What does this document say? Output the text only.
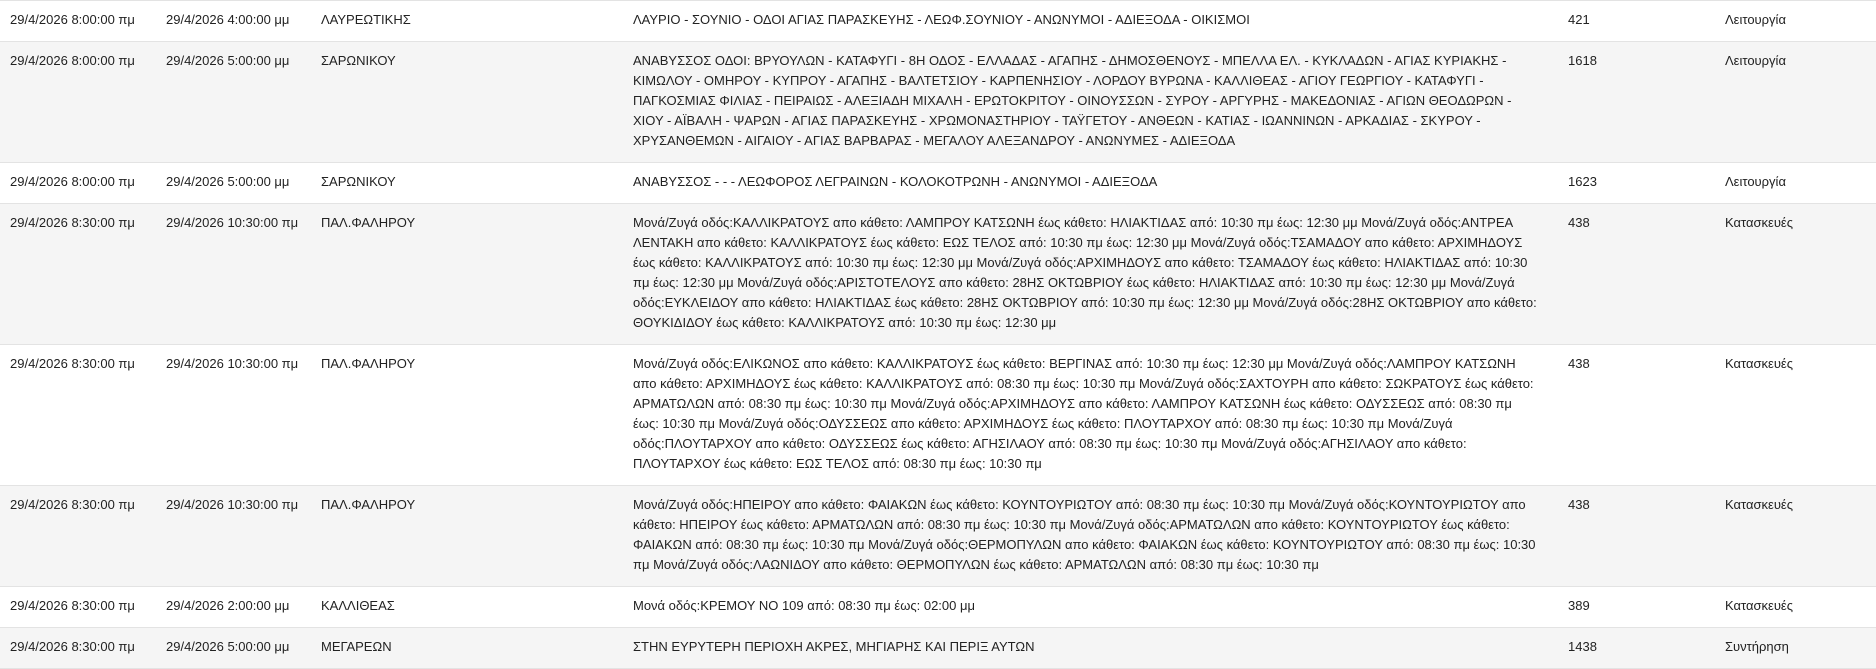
29/4/2026 8:00:00 πμ	29/4/2026 4:00:00 μμ	ΛΑΥΡΕΩΤΙΚΗΣ	ΛΑΥΡΙΟ - ΣΟΥΝΙΟ - ΟΔΟΙ ΑΓΙΑΣ ΠΑΡΑΣΚΕΥΗΣ - ΛΕΩΦ.ΣΟΥΝΙΟΥ - ΑΝΩΝΥΜΟΙ - ΑΔΙΕΞΟΔΑ - ΟΙΚΙΣΜΟΙ	421	Λειτουργία
29/4/2026 8:00:00 πμ	29/4/2026 5:00:00 μμ	ΣΑΡΩΝΙΚΟΥ	ΑΝΑΒΥΣΣΟΣ ΟΔΟΙ: ΒΡΥΟΥΛΩΝ - ΚΑΤΑΦΥΓΙ - 8Η ΟΔΟΣ - ΕΛΛΑΔΑΣ - ΑΓΑΠΗΣ - ΔΗΜΟΣΘΕΝΟΥΣ - ΜΠΕΛΛΑ ΕΛ. - ΚΥΚΛΑΔΩΝ - ΑΓΙΑΣ ΚΥΡΙΑΚΗΣ - ΚΙΜΩΛΟΥ - ΟΜΗΡΟΥ - ΚΥΠΡΟΥ - ΑΓΑΠΗΣ - ΒΑΛΤΕΤΣΙΟΥ - ΚΑΡΠΕΝΗΣΙΟΥ - ΛΟΡΔΟΥ ΒΥΡΩΝΑ - ΚΑΛΛΙΘΕΑΣ - ΑΓΙΟΥ ΓΕΩΡΓΙΟΥ - ΚΑΤΑΦΥΓΙ - ΠΑΓΚΟΣΜΙΑΣ ΦΙΛΙΑΣ - ΠΕΙΡΑΙΩΣ - ΑΛΕΞΙΑΔΗ ΜΙΧΑΛΗ - ΕΡΩΤΟΚΡΙΤΟΥ - ΟΙΝΟΥΣΣΩΝ - ΣΥΡΟΥ - ΑΡΓΥΡΗΣ - ΜΑΚΕΔΟΝΙΑΣ - ΑΓΙΩΝ ΘΕΟΔΩΡΩΝ - ΧΙΟΥ - ΑΪΒΑΛΗ - ΨΑΡΩΝ - ΑΓΙΑΣ ΠΑΡΑΣΚΕΥΗΣ - ΧΡΩΜΟΝΑΣΤΗΡΙΟΥ - ΤΑΫΓΕΤΟΥ - ΑΝΘΕΩΝ - ΚΑΤΙΑΣ - ΙΩΑΝΝΙΝΩΝ - ΑΡΚΑΔΙΑΣ - ΣΚΥΡΟΥ - ΧΡΥΣΑΝΘΕΜΩΝ - ΑΙΓΑΙΟΥ - ΑΓΙΑΣ ΒΑΡΒΑΡΑΣ - ΜΕΓΑΛΟΥ ΑΛΕΞΑΝΔΡΟΥ - ΑΝΩΝΥΜΕΣ - ΑΔΙΕΞΟΔΑ	1618	Λειτουργία
29/4/2026 8:00:00 πμ	29/4/2026 5:00:00 μμ	ΣΑΡΩΝΙΚΟΥ	ΑΝΑΒΥΣΣΟΣ - - - ΛΕΩΦΟΡΟΣ ΛΕΓΡΑΙΝΩΝ - ΚΟΛΟΚΟΤΡΩΝΗ - ΑΝΩΝΥΜΟΙ - ΑΔΙΕΞΟΔΑ	1623	Λειτουργία
29/4/2026 8:30:00 πμ	29/4/2026 10:30:00 πμ	ΠΑΛ.ΦΑΛΗΡΟΥ	Μονά/Ζυγά οδός:ΚΑΛΛΙΚΡΑΤΟΥΣ απο κάθετο: ΛΑΜΠΡΟΥ ΚΑΤΣΩΝΗ έως κάθετο: ΗΛΙΑΚΤΙΔΑΣ από: 10:30 πμ έως: 12:30 μμ Μονά/Ζυγά οδός:ΑΝΤΡΕΑ ΛΕΝΤΑΚΗ απο κάθετο: ΚΑΛΛΙΚΡΑΤΟΥΣ έως κάθετο: ΕΩΣ ΤΕΛΟΣ από: 10:30 πμ έως: 12:30 μμ Μονά/Ζυγά οδός:ΤΣΑΜΑΔΟΥ απο κάθετο: ΑΡΧΙΜΗΔΟΥΣ έως κάθετο: ΚΑΛΛΙΚΡΑΤΟΥΣ από: 10:30 πμ έως: 12:30 μμ Μονά/Ζυγά οδός:ΑΡΧΙΜΗΔΟΥΣ απο κάθετο: ΤΣΑΜΑΔΟΥ έως κάθετο: ΗΛΙΑΚΤΙΔΑΣ από: 10:30 πμ έως: 12:30 μμ Μονά/Ζυγά οδός:ΑΡΙΣΤΟΤΕΛΟΥΣ απο κάθετο: 28ΗΣ ΟΚΤΩΒΡΙΟΥ έως κάθετο: ΗΛΙΑΚΤΙΔΑΣ από: 10:30 πμ έως: 12:30 μμ Μονά/Ζυγά οδός:ΕΥΚΛΕΙΔΟΥ απο κάθετο: ΗΛΙΑΚΤΙΔΑΣ έως κάθετο: 28ΗΣ ΟΚΤΩΒΡΙΟΥ από: 10:30 πμ έως: 12:30 μμ Μονά/Ζυγά οδός:28ΗΣ ΟΚΤΩΒΡΙΟΥ απο κάθετο: ΘΟΥΚΙΔΙΔΟΥ έως κάθετο: ΚΑΛΛΙΚΡΑΤΟΥΣ από: 10:30 πμ έως: 12:30 μμ	438	Κατασκευές
29/4/2026 8:30:00 πμ	29/4/2026 10:30:00 πμ	ΠΑΛ.ΦΑΛΗΡΟΥ	Μονά/Ζυγά οδός:ΕΛΙΚΩΝΟΣ απο κάθετο: ΚΑΛΛΙΚΡΑΤΟΥΣ έως κάθετο: ΒΕΡΓΙΝΑΣ από: 10:30 πμ έως: 12:30 μμ Μονά/Ζυγά οδός:ΛΑΜΠΡΟΥ ΚΑΤΣΩΝΗ απο κάθετο: ΑΡΧΙΜΗΔΟΥΣ έως κάθετο: ΚΑΛΛΙΚΡΑΤΟΥΣ από: 08:30 πμ έως: 10:30 πμ Μονά/Ζυγά οδός:ΣΑΧΤΟΥΡΗ απο κάθετο: ΣΩΚΡΑΤΟΥΣ έως κάθετο: ΑΡΜΑΤΩΛΩΝ από: 08:30 πμ έως: 10:30 πμ Μονά/Ζυγά οδός:ΑΡΧΙΜΗΔΟΥΣ απο κάθετο: ΛΑΜΠΡΟΥ ΚΑΤΣΩΝΗ έως κάθετο: ΟΔΥΣΣΕΩΣ από: 08:30 πμ έως: 10:30 πμ Μονά/Ζυγά οδός:ΟΔΥΣΣΕΩΣ απο κάθετο: ΑΡΧΙΜΗΔΟΥΣ έως κάθετο: ΠΛΟΥΤΑΡΧΟΥ από: 08:30 πμ έως: 10:30 πμ Μονά/Ζυγά οδός:ΠΛΟΥΤΑΡΧΟΥ απο κάθετο: ΟΔΥΣΣΕΩΣ έως κάθετο: ΑΓΗΣΙΛΑΟΥ από: 08:30 πμ έως: 10:30 πμ Μονά/Ζυγά οδός:ΑΓΗΣΙΛΑΟΥ απο κάθετο: ΠΛΟΥΤΑΡΧΟΥ έως κάθετο: ΕΩΣ ΤΕΛΟΣ από: 08:30 πμ έως: 10:30 πμ	438	Κατασκευές
29/4/2026 8:30:00 πμ	29/4/2026 10:30:00 πμ	ΠΑΛ.ΦΑΛΗΡΟΥ	Μονά/Ζυγά οδός:ΗΠΕΙΡΟΥ απο κάθετο: ΦΑΙΑΚΩΝ έως κάθετο: ΚΟΥΝΤΟΥΡΙΩΤΟΥ από: 08:30 πμ έως: 10:30 πμ Μονά/Ζυγά οδός:ΚΟΥΝΤΟΥΡΙΩΤΟΥ απο κάθετο: ΗΠΕΙΡΟΥ έως κάθετο: ΑΡΜΑΤΩΛΩΝ από: 08:30 πμ έως: 10:30 πμ Μονά/Ζυγά οδός:ΑΡΜΑΤΩΛΩΝ απο κάθετο: ΚΟΥΝΤΟΥΡΙΩΤΟΥ έως κάθετο: ΦΑΙΑΚΩΝ από: 08:30 πμ έως: 10:30 πμ Μονά/Ζυγά οδός:ΘΕΡΜΟΠΥΛΩΝ απο κάθετο: ΦΑΙΑΚΩΝ έως κάθετο: ΚΟΥΝΤΟΥΡΙΩΤΟΥ από: 08:30 πμ έως: 10:30 πμ Μονά/Ζυγά οδός:ΛΑΩΝΙΔΟΥ απο κάθετο: ΘΕΡΜΟΠΥΛΩΝ έως κάθετο: ΑΡΜΑΤΩΛΩΝ από: 08:30 πμ έως: 10:30 πμ	438	Κατασκευές
29/4/2026 8:30:00 πμ	29/4/2026 2:00:00 μμ	ΚΑΛΛΙΘΕΑΣ	Μονά οδός:ΚΡΕΜΟΥ ΝΟ 109 από: 08:30 πμ έως: 02:00 μμ	389	Κατασκευές
29/4/2026 8:30:00 πμ	29/4/2026 5:00:00 μμ	ΜΕΓΑΡΕΩΝ	ΣΤΗΝ ΕΥΡΥΤΕΡΗ ΠΕΡΙΟΧΗ ΑΚΡΕΣ, ΜΗΓΙΑΡΗΣ ΚΑΙ ΠΕΡΙΞ ΑΥΤΩΝ	1438	Συντήρηση
